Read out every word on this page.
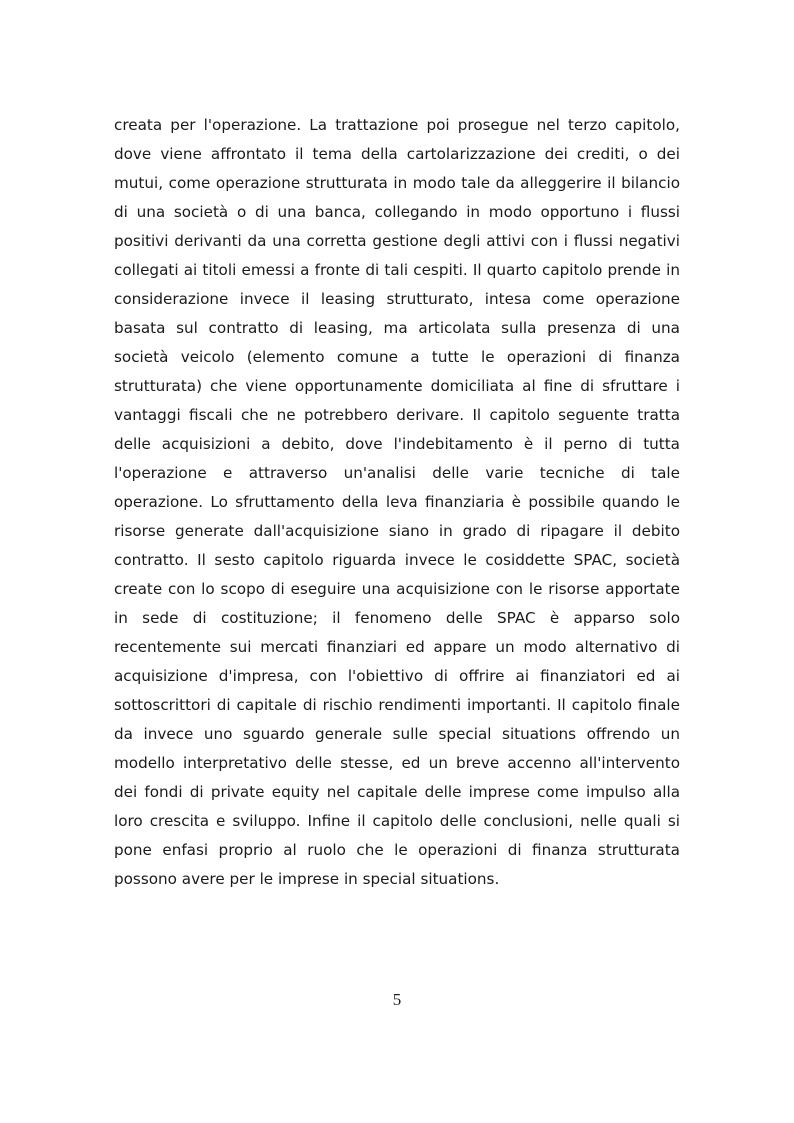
creata per l'operazione. La trattazione poi prosegue nel terzo capitolo, dove viene affrontato il tema della cartolarizzazione dei crediti, o dei mutui, come operazione strutturata in modo tale da alleggerire il bilancio di una società o di una banca, collegando in modo opportuno i flussi positivi derivanti da una corretta gestione degli attivi con i flussi negativi collegati ai titoli emessi a fronte di tali cespiti. Il quarto capitolo prende in considerazione invece il leasing strutturato, intesa come operazione basata sul contratto di leasing, ma articolata sulla presenza di una società veicolo (elemento comune a tutte le operazioni di finanza strutturata) che viene opportunamente domiciliata al fine di sfruttare i vantaggi fiscali che ne potrebbero derivare. Il capitolo seguente tratta delle acquisizioni a debito, dove l'indebitamento è il perno di tutta l'operazione e attraverso un'analisi delle varie tecniche di tale operazione. Lo sfruttamento della leva finanziaria è possibile quando le risorse generate dall'acquisizione siano in grado di ripagare il debito contratto. Il sesto capitolo riguarda invece le cosiddette SPAC, società create con lo scopo di eseguire una acquisizione con le risorse apportate in sede di costituzione; il fenomeno delle SPAC è apparso solo recentemente sui mercati finanziari ed appare un modo alternativo di acquisizione d'impresa, con l'obiettivo di offrire ai finanziatori ed ai sottoscrittori di capitale di rischio rendimenti importanti. Il capitolo finale da invece uno sguardo generale sulle special situations offrendo un modello interpretativo delle stesse, ed un breve accenno all'intervento dei fondi di private equity nel capitale delle imprese come impulso alla loro crescita e sviluppo. Infine il capitolo delle conclusioni, nelle quali si pone enfasi proprio al ruolo che le operazioni di finanza strutturata possono avere per le imprese in special situations.

5
